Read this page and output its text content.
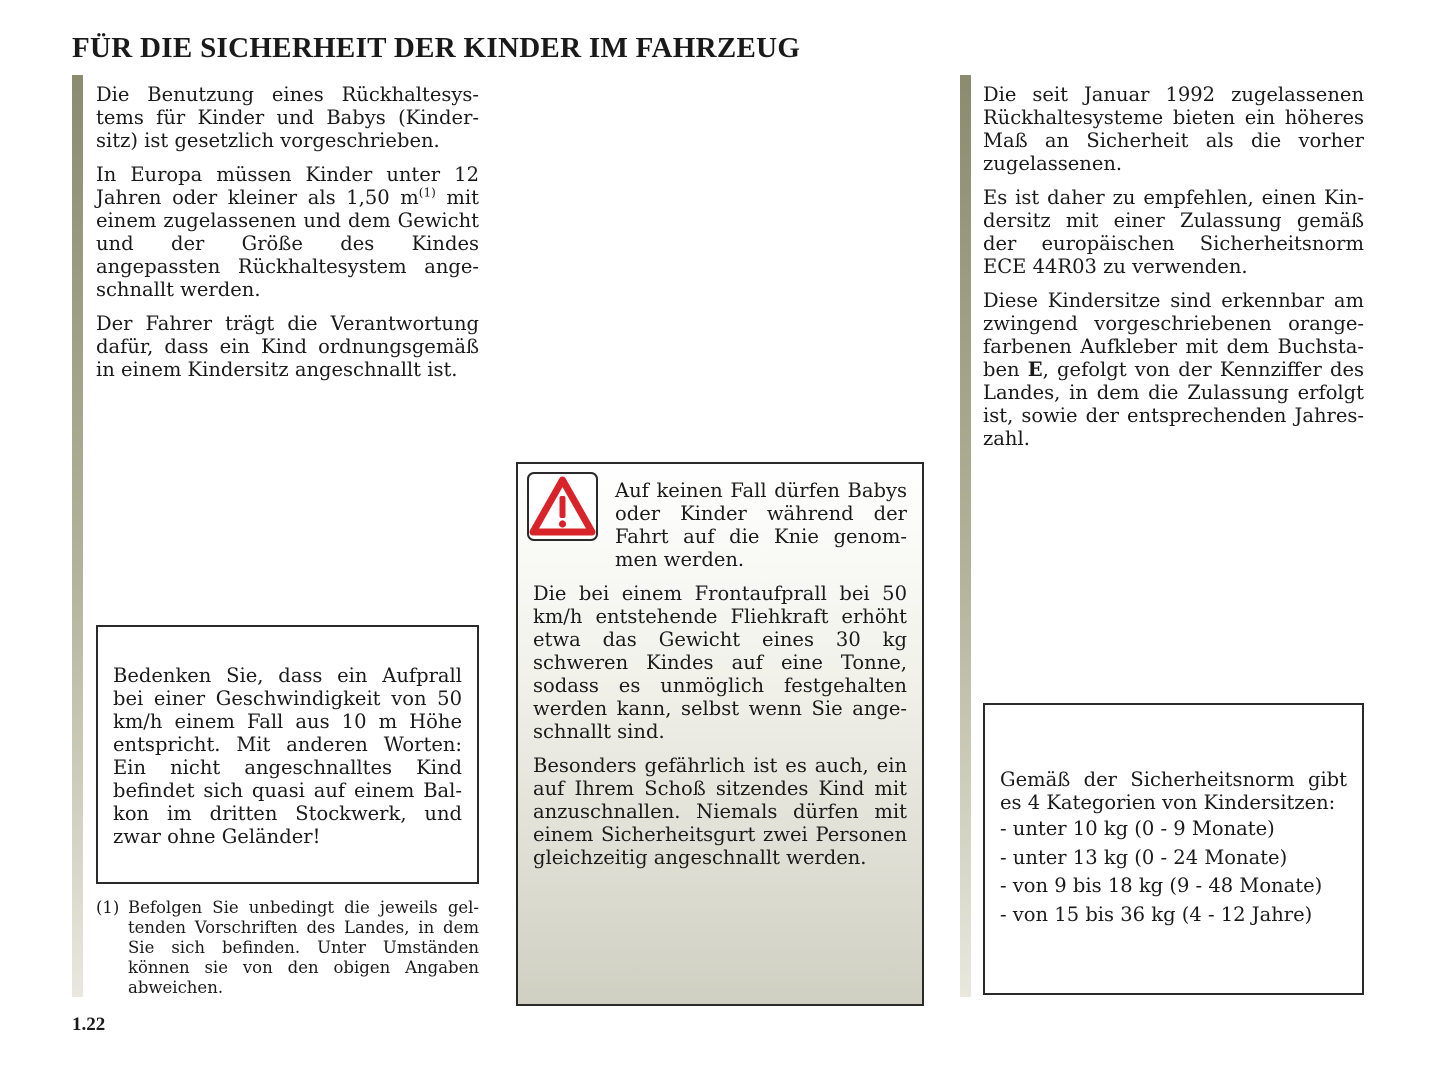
FÜR DIE SICHERHEIT DER KINDER IM FAHRZEUG

Die Benutzung eines Rückhaltesystems für Kinder und Babys (Kindersitz) ist gesetzlich vorgeschrieben.

In Europa müssen Kinder unter 12 Jahren oder kleiner als 1,50 $m^{(1)}$ mit einem zugelassenen und dem Gewicht und der Größe des Kindes angepassten Rückhaltesystem angeschnallt werden.

Der Fahrer trägt die Verantwortung dafür, dass ein Kind ordnungsgemäß in einem Kindersitz angeschnallt ist.

Bedenken Sie, dass ein Aufprall bei einer Geschwindigkeit von 50 km/h einem Fall aus 10 m Höhe entspricht. Mit anderen Worten: Ein nicht angeschnalltes Kind befindet sich quasi auf einem Balkon im dritten Stockwerk, und zwar ohne Geländer!

(1) Befolgen Sie unbedingt die jeweils geltenden Vorschriften des Landes, in dem Sie sich befinden. Unter Umständen können sie von den obigen Angaben abweichen.
1.22

Auf keinen Fall dürfen Babys oder Kinder während der Fahrt auf die Knie genommen werden.

Die bei einem Frontaufprall bei 50 km/h entstehende Fliehkraft erhöht etwa das Gewicht eines 30 kg schweren Kindes auf eine Tonne, sodass es unmöglich festgehalten werden kann, selbst wenn Sie angeschnallt sind.

Besonders gefährlich ist es auch, ein auf Ihrem Schoß sitzendes Kind mit anzuschnallen. Niemals dürfen mit einem Sicherheitsgurt zwei Personen gleichzeitig angeschnallt werden.

Die seit Januar 1992 zugelassenen Rückhaltesysteme bieten ein höheres Maß an Sicherheit als die vorher zugelassenen.

Es ist daher zu empfehlen, einen Kindersitz mit einer Zulassung gemäß der europäischen Sicherheitsnorm ECE 44R03 zu verwenden.

Diese Kindersitze sind erkennbar am zwingend vorgeschriebenen orangefarbenen Aufkleber mit dem Buchstaben E, gefolgt von der Kennziffer des Landes, in dem die Zulassung erfolgt ist, sowie der entsprechenden Jahreszahl.

Gemäß der Sicherheitsnorm gibt es 4 Kategorien von Kindersitzen:

- unter 10 kg (0 - 9 Monate)
- unter 13 kg (0 - 24 Monate)
- von 9 bis 18 kg (9 - 48 Monate)
- von 15 bis 36 kg (4 - 12 Jahre)
